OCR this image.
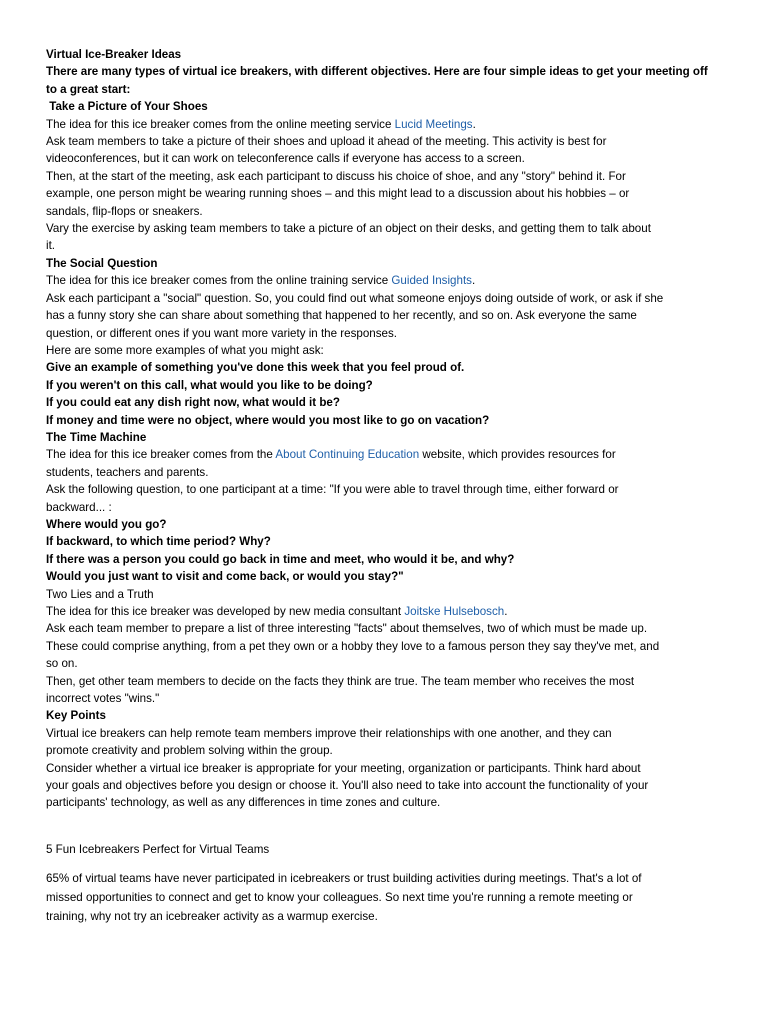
Virtual Ice-Breaker Ideas
There are many types of virtual ice breakers, with different objectives. Here are four simple ideas to get your meeting off
to a great start:
Take a Picture of Your Shoes
The idea for this ice breaker comes from the online meeting service Lucid Meetings.
Ask team members to take a picture of their shoes and upload it ahead of the meeting. This activity is best for
videoconferences, but it can work on teleconference calls if everyone has access to a screen.
Then, at the start of the meeting, ask each participant to discuss his choice of shoe, and any "story" behind it. For
example, one person might be wearing running shoes – and this might lead to a discussion about his hobbies – or
sandals, flip-flops or sneakers.
Vary the exercise by asking team members to take a picture of an object on their desks, and getting them to talk about
it.
The Social Question
The idea for this ice breaker comes from the online training service Guided Insights.
Ask each participant a "social" question. So, you could find out what someone enjoys doing outside of work, or ask if she
has a funny story she can share about something that happened to her recently, and so on. Ask everyone the same
question, or different ones if you want more variety in the responses.
Here are some more examples of what you might ask:
Give an example of something you've done this week that you feel proud of.
If you weren't on this call, what would you like to be doing?
If you could eat any dish right now, what would it be?
If money and time were no object, where would you most like to go on vacation?
The Time Machine
The idea for this ice breaker comes from the About Continuing Education website, which provides resources for
students, teachers and parents.
Ask the following question, to one participant at a time: "If you were able to travel through time, either forward or
backward... :
Where would you go?
If backward, to which time period? Why?
If there was a person you could go back in time and meet, who would it be, and why?
Would you just want to visit and come back, or would you stay?"
Two Lies and a Truth
The idea for this ice breaker was developed by new media consultant Joitske Hulsebosch.
Ask each team member to prepare a list of three interesting "facts" about themselves, two of which must be made up.
These could comprise anything, from a pet they own or a hobby they love to a famous person they say they've met, and
so on.
Then, get other team members to decide on the facts they think are true. The team member who receives the most
incorrect votes "wins."
Key Points
Virtual ice breakers can help remote team members improve their relationships with one another, and they can
promote creativity and problem solving within the group.
Consider whether a virtual ice breaker is appropriate for your meeting, organization or participants. Think hard about
your goals and objectives before you design or choose it. You'll also need to take into account the functionality of your
participants' technology, as well as any differences in time zones and culture.
5 Fun Icebreakers Perfect for Virtual Teams
65% of virtual teams have never participated in icebreakers or trust building activities during meetings. That's a lot of
missed opportunities to connect and get to know your colleagues. So next time you're running a remote meeting or
training, why not try an icebreaker activity as a warmup exercise.
